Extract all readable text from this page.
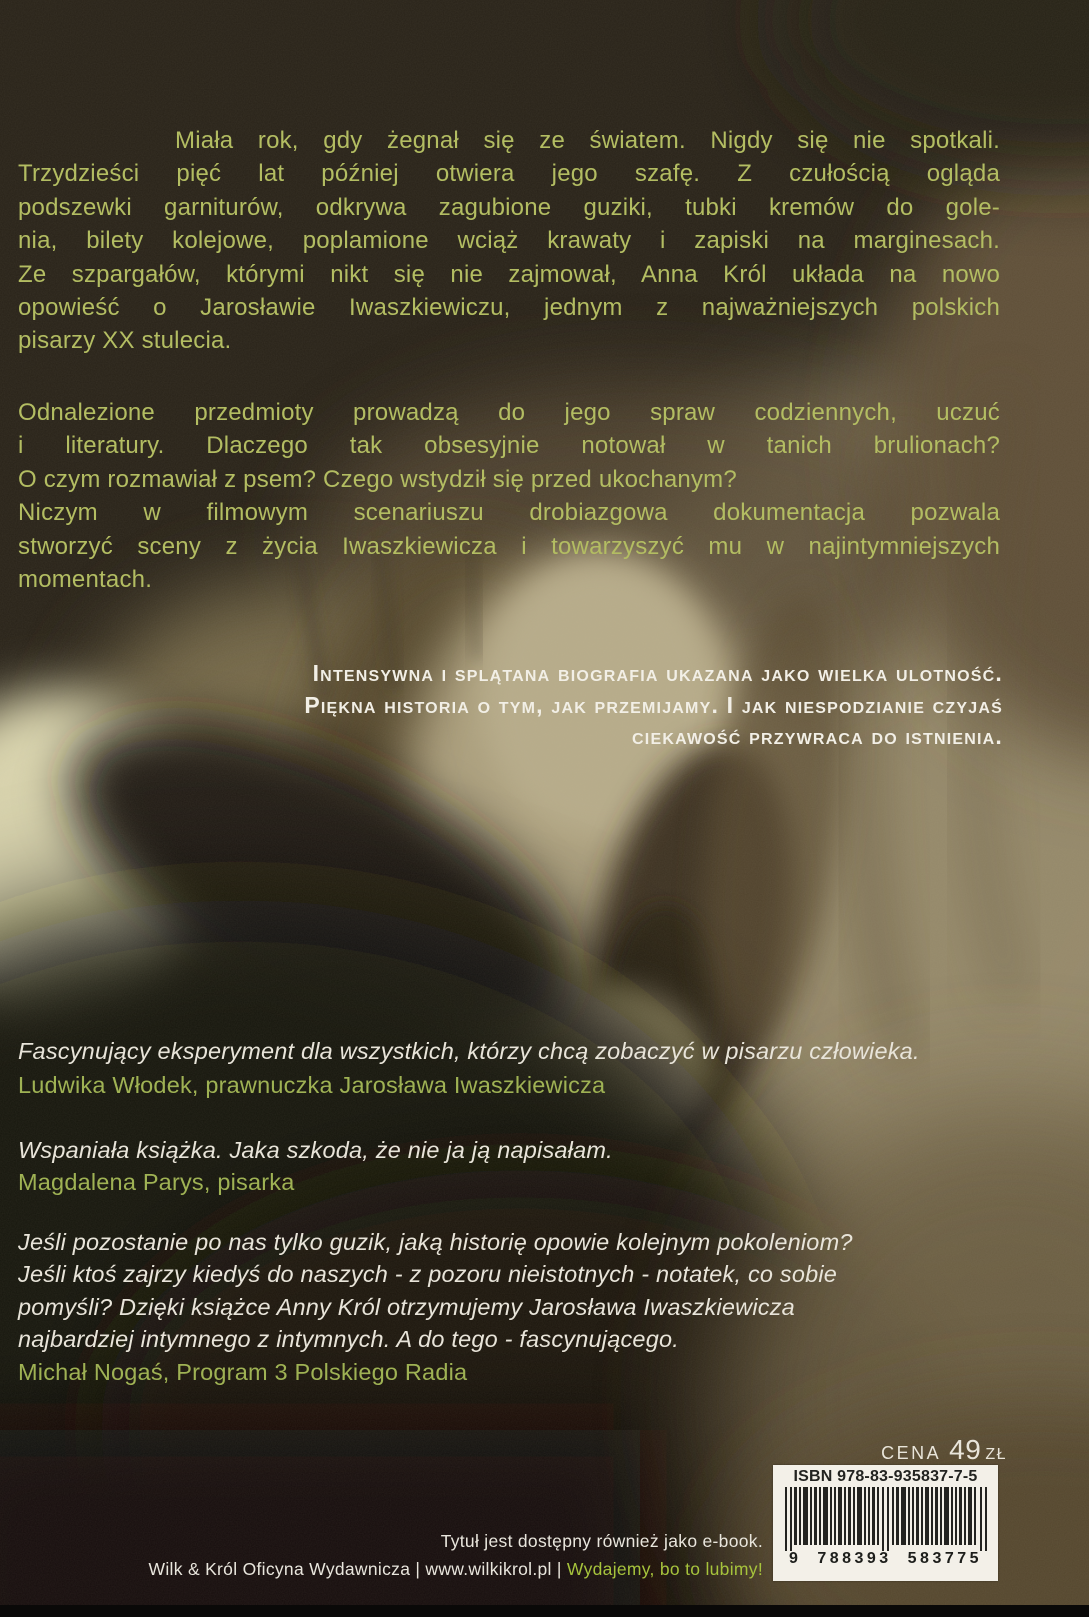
Miała rok, gdy żegnał się ze światem. Nigdy się nie spotkali.
Trzydzieści pięć lat później otwiera jego szafę. Z czułością ogląda
podszewki garniturów, odkrywa zagubione guziki, tubki kremów do gole-
nia, bilety kolejowe, poplamione wciąż krawaty i zapiski na marginesach.
Ze szpargałów, którymi nikt się nie zajmował, Anna Król układa na nowo
opowieść o Jarosławie Iwaszkiewiczu, jednym z najważniejszych polskich
pisarzy XX stulecia.
Odnalezione przedmioty prowadzą do jego spraw codziennych, uczuć
i literatury. Dlaczego tak obsesyjnie notował w tanich brulionach?
O czym rozmawiał z psem? Czego wstydził się przed ukochanym?
Niczym w filmowym scenariuszu drobiazgowa dokumentacja pozwala
stworzyć sceny z życia Iwaszkiewicza i towarzyszyć mu w najintymniejszych
momentach.
Intensywna i splątana biografia ukazana jako wielka ulotność.
Piękna historia o tym, jak przemijamy. I jak niespodzianie czyjaś
ciekawość przywraca do istnienia.
Fascynujący eksperyment dla wszystkich, którzy chcą zobaczyć w pisarzu człowieka.
Ludwika Włodek, prawnuczka Jarosława Iwaszkiewicza
Wspaniała książka. Jaka szkoda, że nie ja ją napisałam.
Magdalena Parys, pisarka
Jeśli pozostanie po nas tylko guzik, jaką historię opowie kolejnym pokoleniom?
Jeśli ktoś zajrzy kiedyś do naszych - z pozoru nieistotnych - notatek, co sobie
pomyśli? Dzięki książce Anny Król otrzymujemy Jarosława Iwaszkiewicza
najbardziej intymnego z intymnych. A do tego - fascynującego.
Michał Nogaś, Program 3 Polskiego Radia
CENA 49 ZŁ
ISBN 978-83-935837-7-5
9 788393 583775
Tytuł jest dostępny również jako e-book.
Wilk & Król Oficyna Wydawnicza | www.wilkikrol.pl | Wydajemy, bo to lubimy!
